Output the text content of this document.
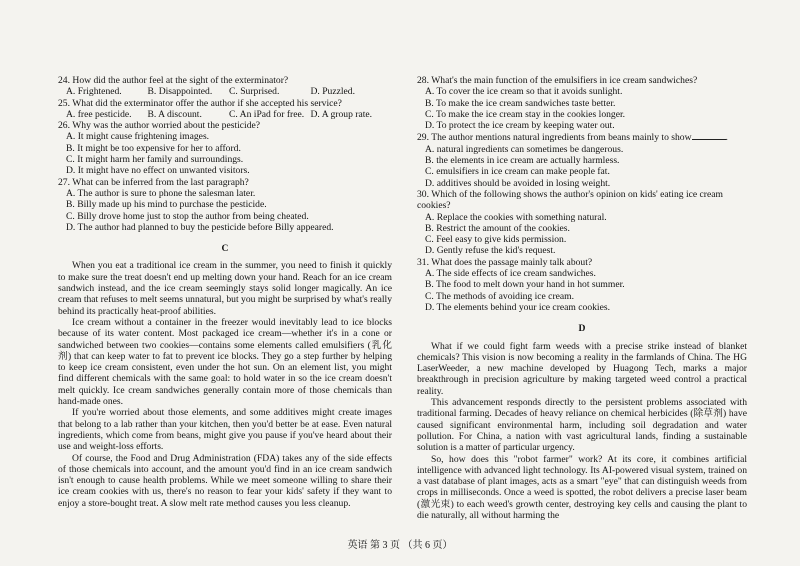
24. How did the author feel at the sight of the exterminator?

A. Frightened.	B. Disappointed.	C. Surprised.	D. Puzzled.

25. What did the exterminator offer the author if she accepted his service?

A. free pesticide.	B. A discount.	C. An iPad for free. D. A group rate.

26. Why was the author worried about the pesticide?

A. It might cause frightening images.

B. It might be too expensive for her to afford.

C. It might harm her family and surroundings.

D. It might have no effect on unwanted visitors.

27. What can be inferred from the last paragraph?

A. The author is sure to phone the salesman later.

B. Billy made up his mind to purchase the pesticide.

C. Billy drove home just to stop the author from being cheated.

D. The author had planned to buy the pesticide before Billy appeared.

C

When you eat a traditional ice cream in the summer, you need to finish it quickly to make sure the treat doesn't end up melting down your hand. Reach for an ice cream sandwich instead, and the ice cream seemingly stays solid longer magically. An ice cream that refuses to melt seems unnatural, but you might be surprised by what's really behind its practically heat-proof abilities.

Ice cream without a container in the freezer would inevitably lead to ice blocks because of its water content. Most packaged ice cream—whether it's in a cone or sandwiched between two cookies—contains some elements called emulsifiers (乳化剂) that can keep water to fat to prevent ice blocks. They go a step further by helping to keep ice cream consistent, even under the hot sun. On an element list, you might find different chemicals with the same goal: to hold water in so the ice cream doesn't melt quickly. Ice cream sandwiches generally contain more of those chemicals than hand-made ones.

If you're worried about those elements, and some additives might create images that belong to a lab rather than your kitchen, then you'd better be at ease. Even natural ingredients, which come from beans, might give you pause if you've heard about their use and weight-loss efforts.

Of course, the Food and Drug Administration (FDA) takes any of the side effects of those chemicals into account, and the amount you'd find in an ice cream sandwich isn't enough to cause health problems. While we meet someone willing to share their ice cream cookies with us, there's no reason to fear your kids' safety if they want to enjoy a store-bought treat. A slow melt rate method causes you less cleanup.

28. What's the main function of the emulsifiers in ice cream sandwiches?

A. To cover the ice cream so that it avoids sunlight.

B. To make the ice cream sandwiches taste better.

C. To make the ice cream stay in the cookies longer.

D. To protect the ice cream by keeping water out.

29. The author mentions natural ingredients from beans mainly to show	.

A. natural ingredients can sometimes be dangerous.

B. the elements in ice cream are actually harmless.

C. emulsifiers in ice cream can make people fat.

D. additives should be avoided in losing weight.

30. Which of the following shows the author's opinion on kids' eating ice cream cookies?

A. Replace the cookies with something natural.

B. Restrict the amount of the cookies.

C. Feel easy to give kids permission.

D. Gently refuse the kid's request.

31. What does the passage mainly talk about?

A. The side effects of ice cream sandwiches.

B. The food to melt down your hand in hot summer.

C. The methods of avoiding ice cream.

D. The elements behind your ice cream cookies.

D

What if we could fight farm weeds with a precise strike instead of blanket chemicals? This vision is now becoming a reality in the farmlands of China. The HG LaserWeeder, a new machine developed by Huagong Tech, marks a major breakthrough in precision agriculture by making targeted weed control a practical reality.

This advancement responds directly to the persistent problems associated with traditional farming. Decades of heavy reliance on chemical herbicides (除草剂) have caused significant environmental harm, including soil degradation and water pollution. For China, a nation with vast agricultural lands, finding a sustainable solution is a matter of particular urgency.

So, how does this "robot farmer" work? At its core, it combines artificial intelligence with advanced light technology. Its AI-powered visual system, trained on a vast database of plant images, acts as a smart "eye" that can distinguish weeds from crops in milliseconds. Once a weed is spotted, the robot delivers a precise laser beam (激光束) to each weed's growth center, destroying key cells and causing the plant to die naturally, all without harming the

英语 第 3 页 （共 6 页）
